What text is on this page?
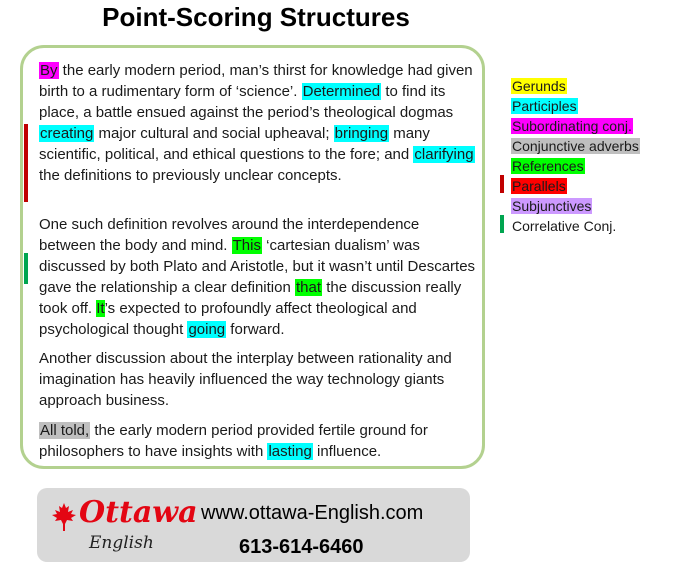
Point-Scoring Structures
By the early modern period, man’s thirst for knowledge had given birth to a rudimentary form of ‘science’. Determined to find its place, a battle ensued against the period’s theological dogmas creating major cultural and social upheaval; bringing many scientific, political, and ethical questions to the fore; and clarifying the definitions to previously unclear concepts.
One such definition revolves around the interdependence between the body and mind. This ‘cartesian dualism’ was discussed by both Plato and Aristotle, but it wasn’t until Descartes gave the relationship a clear definition that the discussion really took off. It’s expected to profoundly affect theological and psychological thought going forward.
Another discussion about the interplay between rationality and imagination has heavily influenced the way technology giants approach business.
All told, the early modern period provided fertile ground for philosophers to have insights with lasting influence.
Gerunds
Participles
Subordinating conj.
Conjunctive adverbs
References
Parallels
Subjunctives
Correlative Conj.
Ottawa
English
www.ottawa-English.com
613-614-6460
